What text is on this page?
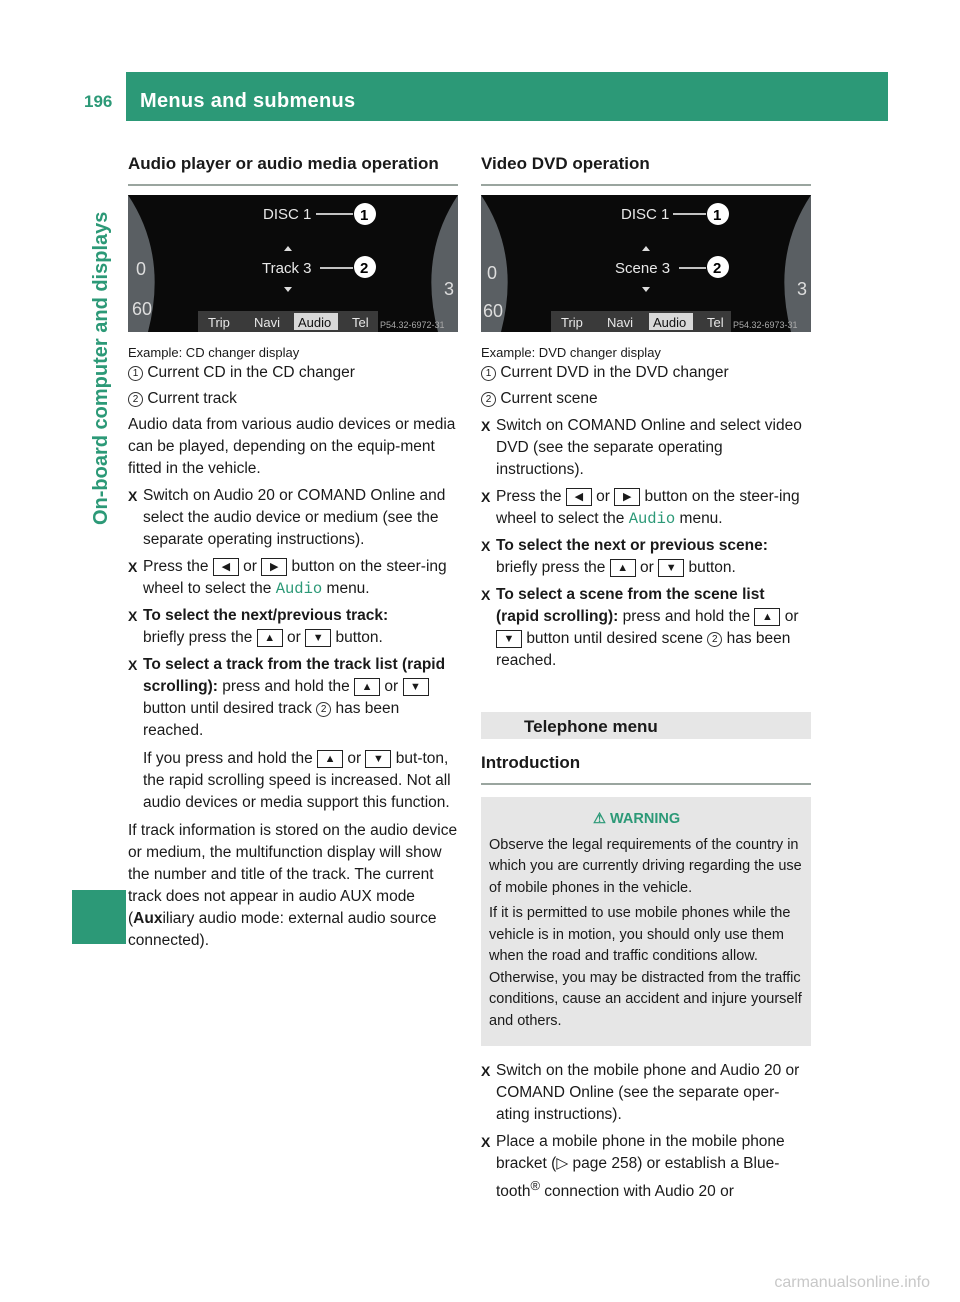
196 Menus and submenus
On-board computer and displays
Audio player or audio media operation
0
60
3
DISC 1	1
Track 3	2
Trip Navi Audio Tel P54.32-6972-31
Example: CD changer display

1 Current CD in the CD changer

2 Current track

Audio data from various audio devices or media can be played, depending on the equip-ment fitted in the vehicle.

X Switch on Audio 20 or COMAND Online and select the audio device or medium (see the separate operating instructions).
X Press the ◀ or ▶ button on the steer-ing wheel to select the Audio menu.
X To select the next/previous track:
briefly press the ▲ or ▼ button.
X To select a track from the track list (rapid scrolling): press and hold the ▲ or ▼ button until desired track 2 has been reached.

If you press and hold the ▲ or ▼ but-ton, the rapid scrolling speed is increased. Not all audio devices or media support this function.

If track information is stored on the audio device or medium, the multifunction display will show the number and title of the track. The current track does not appear in audio AUX mode (Auxiliary audio mode: external audio source connected).

Video DVD operation
0
60
3
DISC 1	1
Scene 3	2
Trip Navi Audio Tel P54.32-6973-31
Example: DVD changer display

1 Current DVD in the DVD changer

2 Current scene

X Switch on COMAND Online and select video DVD (see the separate operating instructions).
X Press the ◀ or ▶ button on the steer-ing wheel to select the Audio menu.
X To select the next or previous scene:
briefly press the ▲ or ▼ button.
X To select a scene from the scene list (rapid scrolling): press and hold the ▲ or ▼ button until desired scene 2 has been reached.
Telephone menu
Introduction
⚠ WARNING

Observe the legal requirements of the country in which you are currently driving regarding the use of mobile phones in the vehicle.

If it is permitted to use mobile phones while the vehicle is in motion, you should only use them when the road and traffic conditions allow. Otherwise, you may be distracted from the traffic conditions, cause an accident and injure yourself and others.

X Switch on the mobile phone and Audio 20 or COMAND Online (see the separate oper-ating instructions).
X Place a mobile phone in the mobile phone bracket (▷ page 258) or establish a Blue-tooth® connection with Audio 20 or
carmanualsonline.info
